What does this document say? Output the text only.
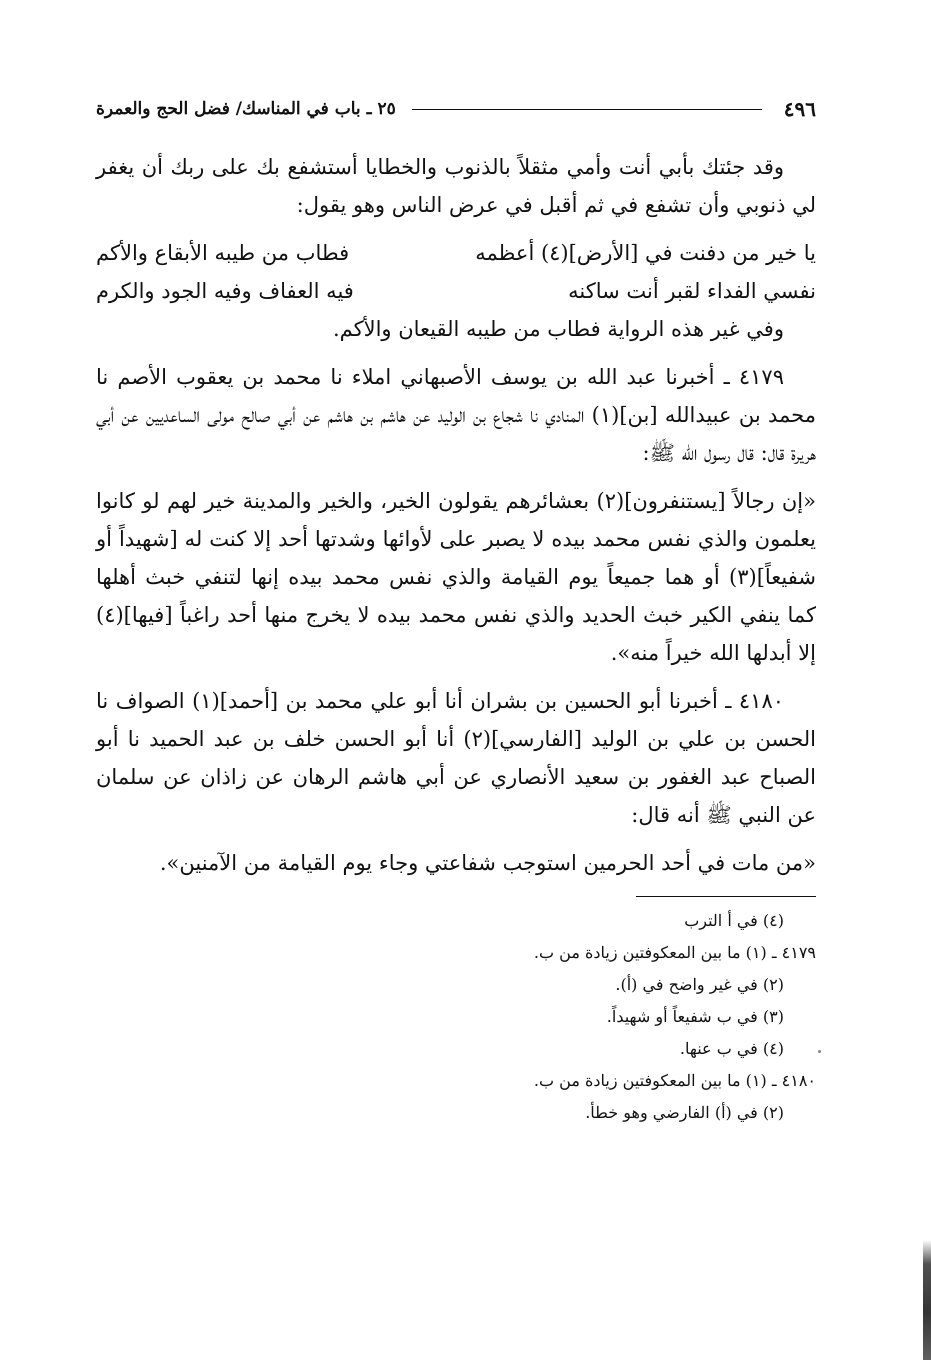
٤٩٦
٢٥ ـ باب في المناسك/ فضل الحج والعمرة

وقد جئتك بأبي أنت وأمي مثقلاً بالذنوب والخطايا أستشفع بك على ربك أن يغفر لي ذنوبي وأن تشفع في ثم أقبل في عرض الناس وهو يقول:

يا خير من دفنت في [الأرض](٤) أعظمه
فطاب من طيبه الأبقاع والأكم
نفسي الفداء لقبر أنت ساكنه
فيه العفاف وفيه الجود والكرم

وفي غير هذه الرواية فطاب من طيبه القيعان والأكم.

٤١٧٩ ـ أخبرنا عبد الله بن يوسف الأصبهاني املاء نا محمد بن يعقوب الأصم نا محمد بن عبيدالله [بن](١) المنادي نا شجاع بن الوليد عن هاشم بن هاشم عن أبي صالح مولى الساعديين عن أبي هريرة قال: قال رسول الله ﷺ:

«إن رجالاً [يستنفرون](٢) بعشائرهم يقولون الخير، والخير والمدينة خير لهم لو كانوا يعلمون والذي نفس محمد بيده لا يصبر على لأوائها وشدتها أحد إلا كنت له [شهيداً أو شفيعاً](٣) أو هما جميعاً يوم القيامة والذي نفس محمد بيده إنها لتنفي خبث أهلها كما ينفي الكير خبث الحديد والذي نفس محمد بيده لا يخرج منها أحد راغباً [فيها](٤) إلا أبدلها الله خيراً منه».

٤١٨٠ ـ أخبرنا أبو الحسين بن بشران أنا أبو علي محمد بن [أحمد](١) الصواف نا الحسن بن علي بن الوليد [الفارسي](٢) أنا أبو الحسن خلف بن عبد الحميد نا أبو الصباح عبد الغفور بن سعيد الأنصاري عن أبي هاشم الرهان عن زاذان عن سلمان عن النبي ﷺ أنه قال:

«من مات في أحد الحرمين استوجب شفاعتي وجاء يوم القيامة من الآمنين».

(٤) في أ الترب
٤١٧٩ ـ (١) ما بين المعكوفتين زيادة من ب.
(٢) في غير واضح في (أ).
(٣) في ب شفيعاً أو شهيداً.
(٤) في ب عنها.
٤١٨٠ ـ (١) ما بين المعكوفتين زيادة من ب.
(٢) في (أ) الفارضي وهو خطأ.
